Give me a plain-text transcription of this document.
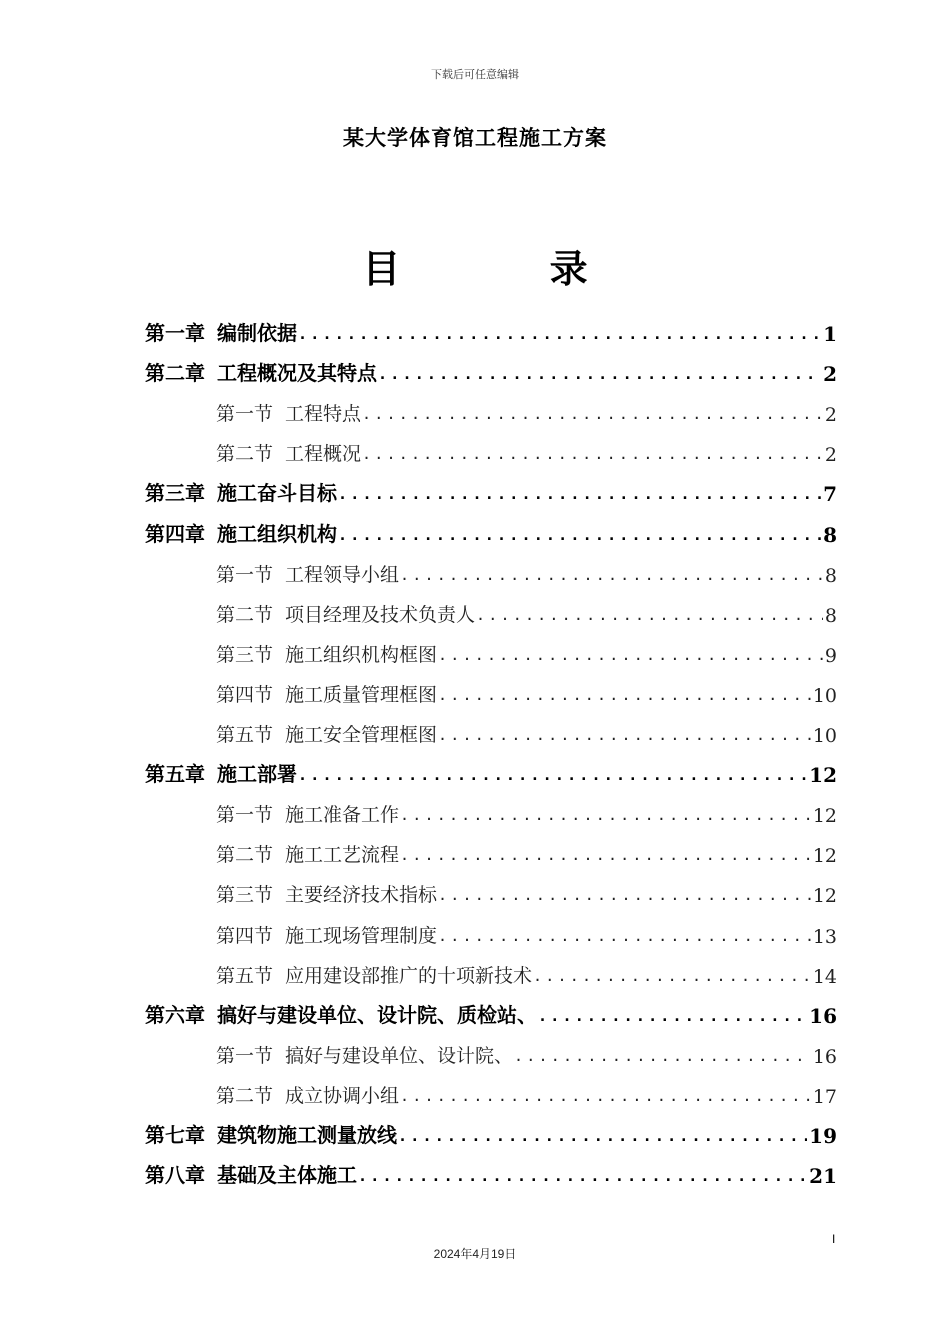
下载后可任意编辑
某大学体育馆工程施工方案
目 录
第一章 编制依据 .....	1
第二章 工程概况及其特点 .....	2
第一节 工程特点 .....	2
第二节 工程概况 .....	2
第三章 施工奋斗目标 .....	7
第四章 施工组织机构 .....	8
第一节 工程领导小组 .....	8
第二节 项目经理及技术负责人 .....	8
第三节 施工组织机构框图 .....	9
第四节 施工质量管理框图 .....	10
第五节 施工安全管理框图 .....	10
第五章 施工部署 .....	12
第一节 施工准备工作 .....	12
第二节 施工工艺流程 .....	12
第三节 主要经济技术指标 .....	12
第四节 施工现场管理制度 .....	13
第五节 应用建设部推广的十项新技术 .....	14
第六章 搞好与建设单位、设计院、质检站、 .....	16
第一节 搞好与建设单位、设计院、 .....	16
第二节 成立协调小组 .....	17
第七章 建筑物施工测量放线 .....	19
第八章 基础及主体施工 .....	21
I
2024年4月19日
